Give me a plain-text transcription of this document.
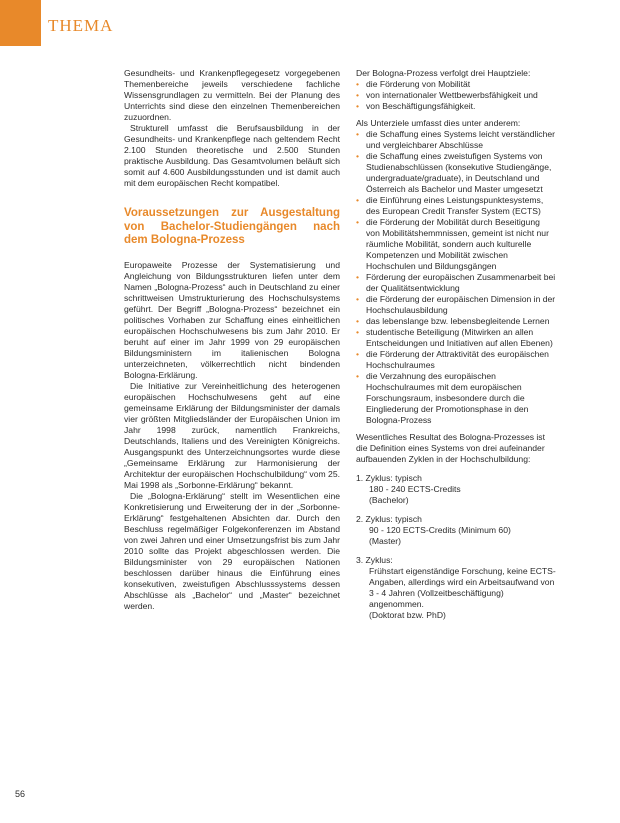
THEMA

Gesundheits- und Krankenpflegegesetz vorgegebenen Themenbereiche jeweils verschiedene fachliche Wissensgrundlagen zu vermitteln. Bei der Planung des Unterrichts sind diese den einzelnen Themenbereichen zuzuordnen.

Strukturell umfasst die Berufsausbildung in der Gesundheits- und Krankenpflege nach geltendem Recht 2.100 Stunden theoretische und 2.500 Stunden praktische Ausbildung. Das Gesamtvolumen beläuft sich somit auf 4.600 Ausbildungsstunden und ist damit auch mit dem europäischen Recht kompatibel.

Voraussetzungen zur Ausgestaltung von Bachelor-Studiengängen nach dem Bologna-Prozess

Europaweite Prozesse der Systematisierung und Angleichung von Bildungsstrukturen liefen unter dem Namen „Bologna-Prozess“ auch in Deutschland zu einer schrittweisen Umstrukturierung des Hochschulsystems geführt. Der Begriff „Bologna-Prozess“ bezeichnet ein politisches Vorhaben zur Schaffung eines einheitlichen europäischen Hochschulwesens bis zum Jahr 2010. Er beruht auf einer im Jahr 1999 von 29 europäischen Bildungsministern im italienischen Bologna unterzeichneten, völkerrechtlich nicht bindenden Bologna-Erklärung.

Die Initiative zur Vereinheitlichung des heterogenen europäischen Hochschulwesens geht auf eine gemeinsame Erklärung der Bildungsminister der damals vier größten Mitgliedsländer der Europäischen Union im Jahr 1998 zurück, namentlich Frankreichs, Deutschlands, Italiens und des Vereinigten Königreichs. Ausgangspunkt des Unterzeichnungsortes wurde diese „Gemeinsame Erklärung zur Harmonisierung der Architektur der europäischen Hochschulbildung“ vom 25. Mai 1998 als „Sorbonne-Erklärung“ bekannt.

Die „Bologna-Erklärung“ stellt im Wesentlichen eine Konkretisierung und Erweiterung der in der „Sorbonne-Erklärung“ festgehaltenen Absichten dar. Durch den Beschluss regelmäßiger Folgekonferenzen im Abstand von zwei Jahren und einer Umsetzungsfrist bis zum Jahr 2010 sollte das Projekt abgeschlossen werden. Die Bildungsminister von 29 europäischen Nationen beschlossen darüber hinaus die Einführung eines konsekutiven, zweistufigen Abschlusssystems dessen Abschlüsse als „Bachelor“ und „Master“ bezeichnet werden.

Der Bologna-Prozess verfolgt drei Hauptziele:

• die Förderung von Mobilität
• von internationaler Wettbewerbsfähigkeit und
• von Beschäftigungsfähigkeit.

Als Unterziele umfasst dies unter anderem:

• die Schaffung eines Systems leicht verständlicher und vergleichbarer Abschlüsse
• die Schaffung eines zweistufigen Systems von Studienabschlüssen (konsekutive Studiengänge, undergraduate/graduate), in Deutschland und Österreich als Bachelor und Master umgesetzt
• die Einführung eines Leistungspunktesystems, des European Credit Transfer System (ECTS)
• die Förderung der Mobilität durch Beseitigung von Mobilitätshemmnissen, gemeint ist nicht nur räumliche Mobilität, sondern auch kulturelle Kompetenzen und Mobilität zwischen Hochschulen und Bildungsgängen
• Förderung der europäischen Zusammenarbeit bei der Qualitätsentwicklung
• die Förderung der europäischen Dimension in der Hochschulausbildung
• das lebenslange bzw. lebensbegleitende Lernen
• studentische Beteiligung (Mitwirken an allen Entscheidungen und Initiativen auf allen Ebenen)
• die Förderung der Attraktivität des europäischen Hochschulraumes
• die Verzahnung des europäischen Hochschulraumes mit dem europäischen Forschungsraum, insbesondere durch die Eingliederung der Promotionsphase in den Bologna-Prozess

Wesentliches Resultat des Bologna-Prozesses ist die Definition eines Systems von drei aufeinander aufbauenden Zyklen in der Hochschulbildung:

1. Zyklus: typisch
180 - 240 ECTS-Credits
(Bachelor)
2. Zyklus: typisch
90 - 120 ECTS-Credits (Minimum 60)
(Master)
3. Zyklus:
Frühstart eigenständige Forschung, keine ECTS-Angaben, allerdings wird ein Arbeitsaufwand von 3 - 4 Jahren (Vollzeitbeschäftigung) angenommen.
(Doktorat bzw. PhD)
56
